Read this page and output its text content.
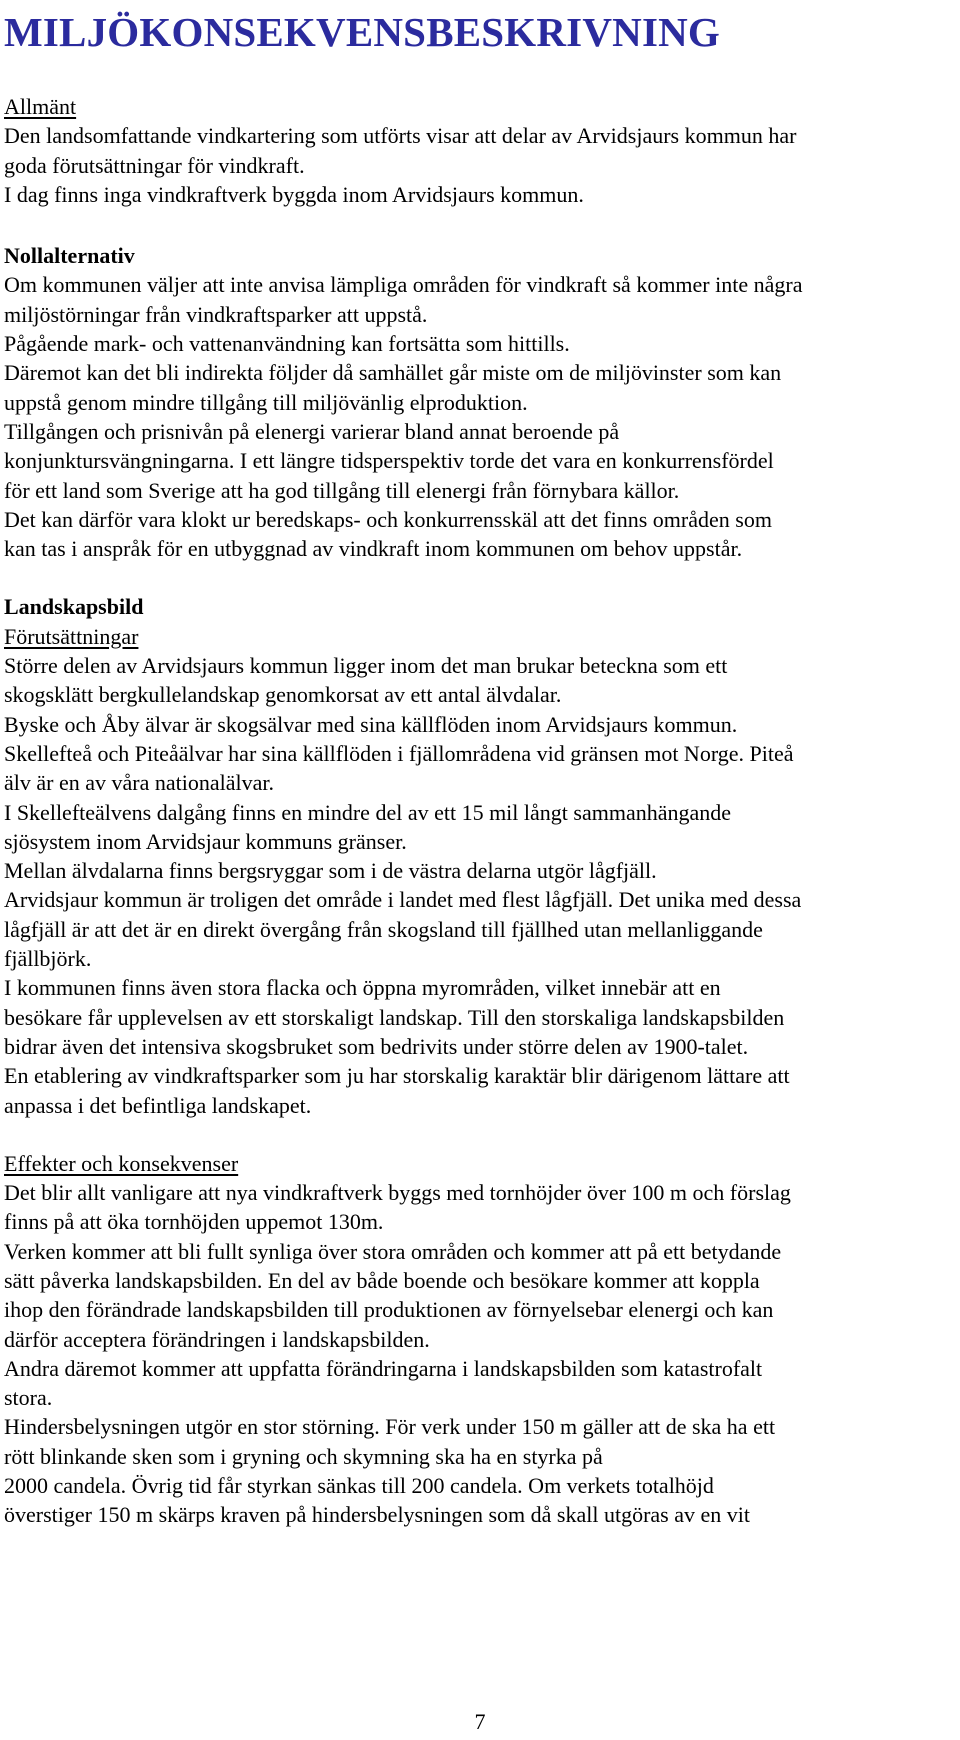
MILJÖKONSEKVENSBESKRIVNING

Allmänt

Den landsomfattande vindkartering som utförts visar att delar av Arvidsjaurs kommun har

goda förutsättningar för vindkraft.

I dag finns inga vindkraftverk byggda inom Arvidsjaurs kommun.

Nollalternativ

Om kommunen väljer att inte anvisa lämpliga områden för vindkraft så kommer inte några

miljöstörningar från vindkraftsparker att uppstå.

Pågående mark- och vattenanvändning kan fortsätta som hittills.

Däremot kan det bli indirekta följder då samhället går miste om de miljövinster som kan

uppstå genom mindre tillgång till miljövänlig elproduktion.

Tillgången och prisnivån på elenergi varierar bland annat beroende på

konjunktursvängningarna. I ett längre tidsperspektiv torde det vara en konkurrensfördel

för ett land som Sverige att ha god tillgång till elenergi från förnybara källor.

Det kan därför vara klokt ur beredskaps- och konkurrensskäl att det finns områden som

kan tas i anspråk för en utbyggnad av vindkraft inom kommunen om behov uppstår.

Landskapsbild

Förutsättningar

Större delen av Arvidsjaurs kommun ligger inom det man brukar beteckna som ett

skogsklätt bergkullelandskap genomkorsat av ett antal älvdalar.

Byske och Åby älvar är skogsälvar med sina källflöden inom Arvidsjaurs kommun.

Skellefteå och Piteåälvar har sina källflöden i fjällområdena vid gränsen mot Norge. Piteå

älv är en av våra nationalälvar.

I Skellefteälvens dalgång finns en mindre del av ett 15 mil långt sammanhängande

sjösystem inom Arvidsjaur kommuns gränser.

Mellan älvdalarna finns bergsryggar som i de västra delarna utgör lågfjäll.

Arvidsjaur kommun är troligen det område i landet med flest lågfjäll. Det unika med dessa

lågfjäll är att det är en direkt övergång från skogsland till fjällhed utan mellanliggande

fjällbjörk.

I kommunen finns även stora flacka och öppna myrområden, vilket innebär att en

besökare får upplevelsen av ett storskaligt landskap. Till den storskaliga landskapsbilden

bidrar även det intensiva skogsbruket som bedrivits under större delen av 1900-talet.

En etablering av vindkraftsparker som ju har storskalig karaktär blir därigenom lättare att

anpassa i det befintliga landskapet.

Effekter och konsekvenser

Det blir allt vanligare att nya vindkraftverk byggs med tornhöjder över 100 m och förslag

finns på att öka tornhöjden uppemot 130m.

Verken kommer att bli fullt synliga över stora områden och kommer att på ett betydande

sätt påverka landskapsbilden. En del av både boende och besökare kommer att koppla

ihop den förändrade landskapsbilden till produktionen av förnyelsebar elenergi och kan

därför acceptera förändringen i landskapsbilden.

Andra däremot kommer att uppfatta förändringarna i landskapsbilden som katastrofalt

stora.

Hindersbelysningen utgör en stor störning. För verk under 150 m gäller att de ska ha ett

rött blinkande sken som i gryning och skymning ska ha en styrka på

2000 candela. Övrig tid får styrkan sänkas till 200 candela. Om verkets totalhöjd

överstiger 150 m skärps kraven på hindersbelysningen som då skall utgöras av en vit

7
